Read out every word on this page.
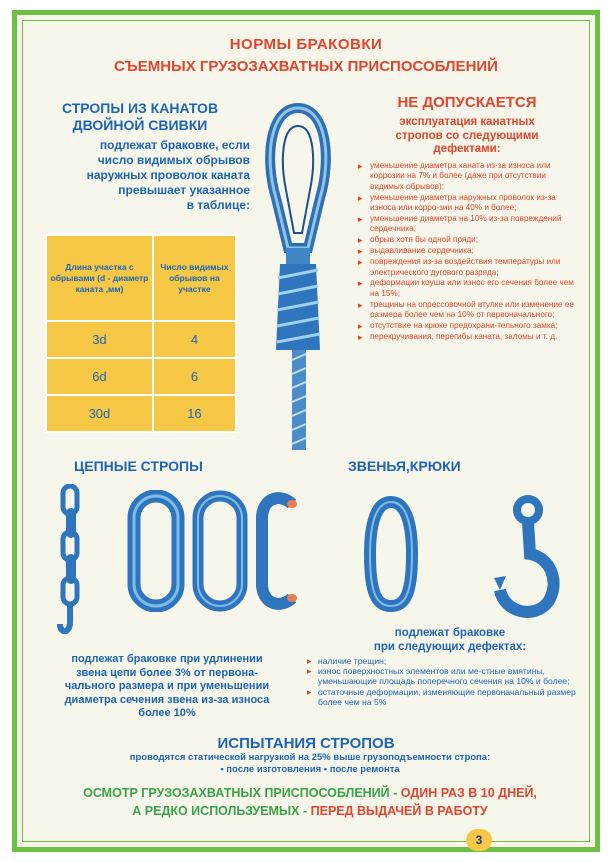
НОРМЫ БРАКОВКИ
СЪЕМНЫХ ГРУЗОЗАХВАТНЫХ ПРИСПОСОБЛЕНИЙ
СТРОПЫ ИЗ КАНАТОВ
ДВОЙНОЙ СВИВКИ
подлежат браковке, если
число видимых обрывов
наружных проволок каната
превышает указанное
в таблице:
Длина участка с обрывами (d - диаметр каната ,мм)	Число видимых обрывов на участке
3d	4
6d	6
30d	16
НЕ ДОПУСКАЕТСЯ
эксплуатация канатных
стропов со следующими
дефектами:
▸ уменьшение диаметра каната из-за износа или коррозии на 7% и более (даже при отсутствии видимых обрывов);
▸ уменьшение диаметра наружных проволок из-за износа или корро-зии на 40% и более;
▸ уменьшение диаметра на 10% из-за повреждений сердечника;
▸ обрыв хотя бы одной пряди;
▸ выдавливание сердечника;
▸ повреждения из-за воздействия температуры или электрического дугового разряда;
▸ деформации коуша или износ его сечения более чем на 15%;
▸ трещины на опрессовочной втулке или изменение ее размера более чем на 10% от первоначального;
▸ отсутствие на крюке предохрани-тельного замка;
▸ перекручивания, перегибы каната, заломы и т. д.
ЦЕПНЫЕ СТРОПЫ	ЗВЕНЬЯ,КРЮКИ
подлежат браковке при удлинении
звена цепи более 3% от первона-
чального размера и при уменьшении
диаметра сечения звена из-за износа
более 10%
подлежат браковке
при следующих дефектах:
▸ наличие трещин;
▸ износ поверхностных элементов или ме-стные вмятины, уменьшающие площадь поперечного сечения на 10% и более;
▸ остаточные деформации, изменяющие первоначальный размер более чем на 5%
ИСПЫТАНИЯ СТРОПОВ
проводятся статической нагрузкой на 25% выше грузоподъемности стропа:
• после изготовления • после ремонта
ОСМОТР ГРУЗОЗАХВАТНЫХ ПРИСПОСОБЛЕНИЙ - ОДИН РАЗ В 10 ДНЕЙ,
А РЕДКО ИСПОЛЬЗУЕМЫХ - ПЕРЕД ВЫДАЧЕЙ В РАБОТУ
3
